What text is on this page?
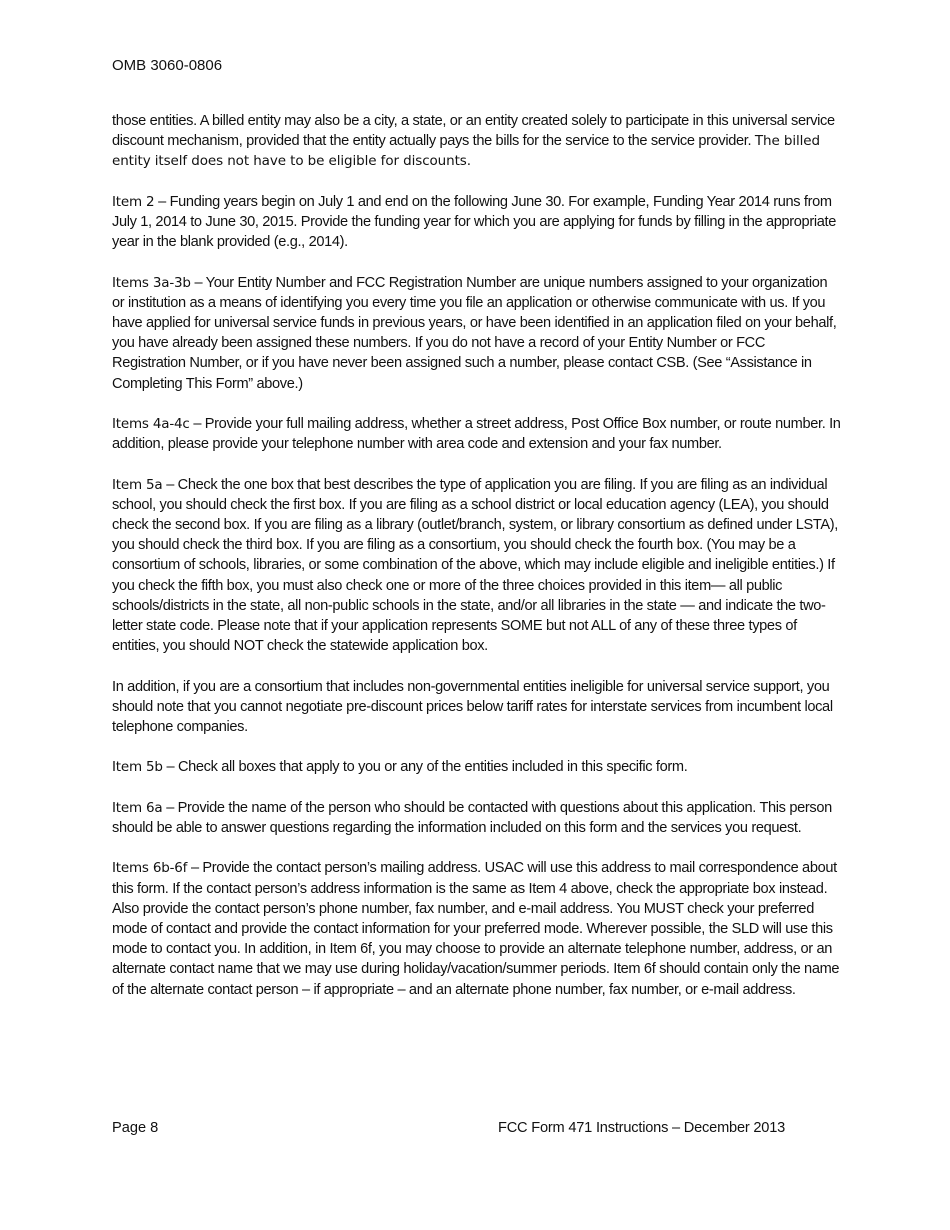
OMB 3060-0806

those entities. A billed entity may also be a city, a state, or an entity created solely to participate in this universal service discount mechanism, provided that the entity actually pays the bills for the service to the service provider. The billed entity itself does not have to be eligible for discounts.

Item 2 – Funding years begin on July 1 and end on the following June 30. For example, Funding Year 2014 runs from July 1, 2014 to June 30, 2015. Provide the funding year for which you are applying for funds by filling in the appropriate year in the blank provided (e.g., 2014).

Items 3a-3b – Your Entity Number and FCC Registration Number are unique numbers assigned to your organization or institution as a means of identifying you every time you file an application or otherwise communicate with us. If you have applied for universal service funds in previous years, or have been identified in an application filed on your behalf, you have already been assigned these numbers. If you do not have a record of your Entity Number or FCC Registration Number, or if you have never been assigned such a number, please contact CSB. (See “Assistance in Completing This Form” above.)

Items 4a-4c – Provide your full mailing address, whether a street address, Post Office Box number, or route number. In addition, please provide your telephone number with area code and extension and your fax number.

Item 5a – Check the one box that best describes the type of application you are filing. If you are filing as an individual school, you should check the first box. If you are filing as a school district or local education agency (LEA), you should check the second box. If you are filing as a library (outlet/branch, system, or library consortium as defined under LSTA), you should check the third box. If you are filing as a consortium, you should check the fourth box. (You may be a consortium of schools, libraries, or some combination of the above, which may include eligible and ineligible entities.) If you check the fifth box, you must also check one or more of the three choices provided in this item— all public schools/districts in the state, all non-public schools in the state, and/or all libraries in the state — and indicate the two-letter state code. Please note that if your application represents SOME but not ALL of any of these three types of entities, you should NOT check the statewide application box.

In addition, if you are a consortium that includes non-governmental entities ineligible for universal service support, you should note that you cannot negotiate pre-discount prices below tariff rates for interstate services from incumbent local telephone companies.

Item 5b – Check all boxes that apply to you or any of the entities included in this specific form.

Item 6a – Provide the name of the person who should be contacted with questions about this application. This person should be able to answer questions regarding the information included on this form and the services you request.

Items 6b-6f – Provide the contact person’s mailing address. USAC will use this address to mail correspondence about this form. If the contact person’s address information is the same as Item 4 above, check the appropriate box instead. Also provide the contact person’s phone number, fax number, and e-mail address. You MUST check your preferred mode of contact and provide the contact information for your preferred mode. Wherever possible, the SLD will use this mode to contact you. In addition, in Item 6f, you may choose to provide an alternate telephone number, address, or an alternate contact name that we may use during holiday/vacation/summer periods. Item 6f should contain only the name of the alternate contact person – if appropriate – and an alternate phone number, fax number, or e-mail address.

Page 8	FCC Form 471 Instructions – December 2013
